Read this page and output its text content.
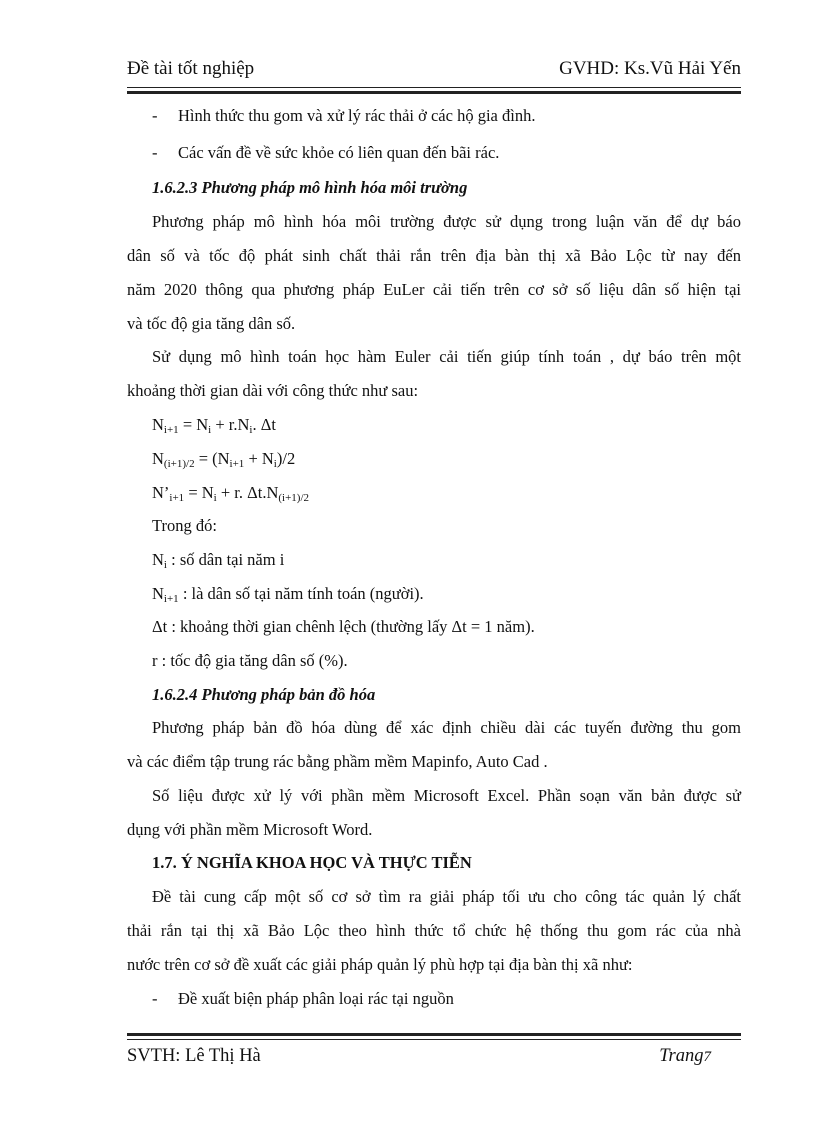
Đề tài tốt nghiệp	GVHD: Ks.Vũ Hải Yến
- Hình thức thu gom và xử lý rác thải ở các hộ gia đình.
- Các vấn đề về sức khỏe có liên quan đến bãi rác.
1.6.2.3 Phương pháp mô hình hóa môi trường
Phương pháp mô hình hóa môi trường được sử dụng trong luận văn để dự báo
dân số và tốc độ phát sinh chất thải rắn trên địa bàn thị xã Bảo Lộc từ nay đến
năm 2020 thông qua phương pháp EuLer cải tiến trên cơ sở số liệu dân số hiện tại
và tốc độ gia tăng dân số.
Sử dụng mô hình toán học hàm Euler cải tiến giúp tính toán , dự báo trên một
khoảng thời gian dài với công thức như sau:
$N_{i+1} = N_i + r.N_i$. Δt
$N_{(i+1)/2} = (N_{i+1} + N_i)/2$
$N’_{i+1} = N_i + r$. $\Delta t.N_{(i+1)/2}$
Trong đó:
$N_i$ : số dân tại năm i
$N_{i+1}$ : là dân số tại năm tính toán (người).
Δt : khoảng thời gian chênh lệch (thường lấy Δt = 1 năm).
r : tốc độ gia tăng dân số (%).
1.6.2.4 Phương pháp bản đồ hóa
Phương pháp bản đồ hóa dùng để xác định chiều dài các tuyến đường thu gom
và các điểm tập trung rác bằng phầm mềm Mapinfo, Auto Cad .
Số liệu được xử lý với phần mềm Microsoft Excel. Phần soạn văn bản được sử
dụng với phần mềm Microsoft Word.
1.7. Ý NGHĨA KHOA HỌC VÀ THỰC TIỄN
Đề tài cung cấp một số cơ sở tìm ra giải pháp tối ưu cho công tác quản lý chất
thải rắn tại thị xã Bảo Lộc theo hình thức tổ chức hệ thống thu gom rác của nhà
nước trên cơ sở đề xuất các giải pháp quản lý phù hợp tại địa bàn thị xã như:
- Đề xuất biện pháp phân loại rác tại nguồn
SVTH: Lê Thị Hà	Trang7
